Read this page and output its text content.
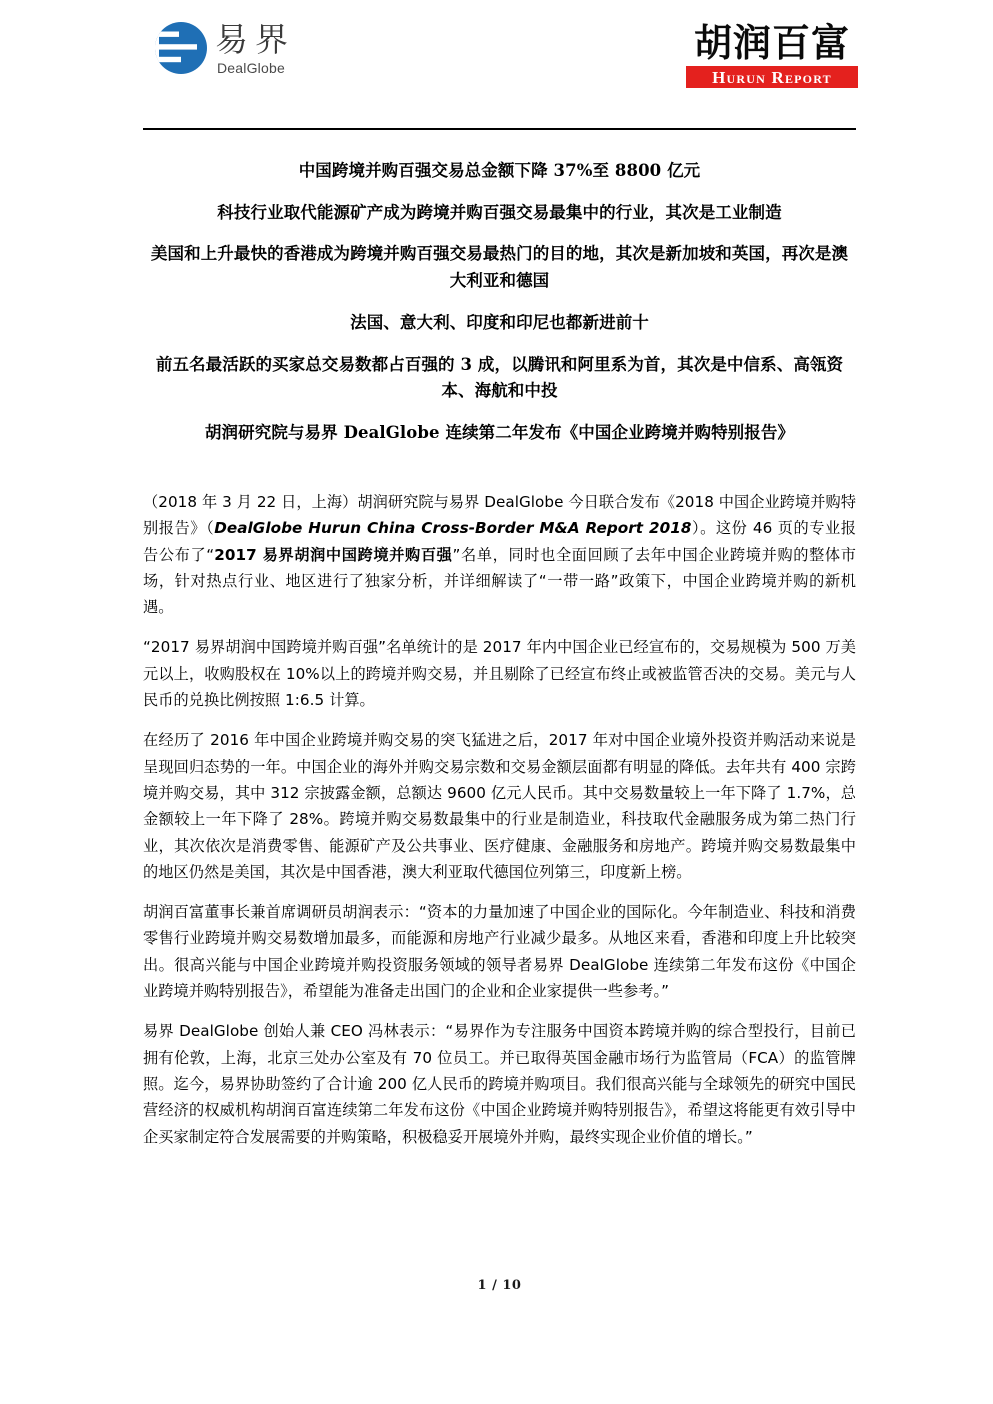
易界
DealGlobe
胡润百富
Hurun Report

中国跨境并购百强交易总金额下降 37%至 8800 亿元

科技行业取代能源矿产成为跨境并购百强交易最集中的行业，其次是工业制造

美国和上升最快的香港成为跨境并购百强交易最热门的目的地，其次是新加坡和英国，再次是澳大利亚和德国

法国、意大利、印度和印尼也都新进前十

前五名最活跃的买家总交易数都占百强的 3 成，以腾讯和阿里系为首，其次是中信系、高瓴资本、海航和中投

胡润研究院与易界 DealGlobe 连续第二年发布《中国企业跨境并购特别报告》

（2018 年 3 月 22 日，上海）胡润研究院与易界 DealGlobe 今日联合发布《2018 中国企业跨境并购特别报告》（DealGlobe Hurun China Cross-Border M&A Report 2018）。这份 46 页的专业报告公布了“2017 易界胡润中国跨境并购百强”名单，同时也全面回顾了去年中国企业跨境并购的整体市场，针对热点行业、地区进行了独家分析，并详细解读了“一带一路”政策下，中国企业跨境并购的新机遇。

“2017 易界胡润中国跨境并购百强”名单统计的是 2017 年内中国企业已经宣布的，交易规模为 500 万美元以上，收购股权在 10%以上的跨境并购交易，并且剔除了已经宣布终止或被监管否决的交易。美元与人民币的兑换比例按照 1:6.5 计算。

在经历了 2016 年中国企业跨境并购交易的突飞猛进之后，2017 年对中国企业境外投资并购活动来说是呈现回归态势的一年。中国企业的海外并购交易宗数和交易金额层面都有明显的降低。去年共有 400 宗跨境并购交易，其中 312 宗披露金额，总额达 9600 亿元人民币。其中交易数量较上一年下降了 1.7%，总金额较上一年下降了 28%。跨境并购交易数最集中的行业是制造业，科技取代金融服务成为第二热门行业，其次依次是消费零售、能源矿产及公共事业、医疗健康、金融服务和房地产。跨境并购交易数最集中的地区仍然是美国，其次是中国香港，澳大利亚取代德国位列第三，印度新上榜。

胡润百富董事长兼首席调研员胡润表示：“资本的力量加速了中国企业的国际化。今年制造业、科技和消费零售行业跨境并购交易数增加最多，而能源和房地产行业减少最多。从地区来看，香港和印度上升比较突出。很高兴能与中国企业跨境并购投资服务领域的领导者易界 DealGlobe 连续第二年发布这份《中国企业跨境并购特别报告》，希望能为准备走出国门的企业和企业家提供一些参考。”

易界 DealGlobe 创始人兼 CEO 冯林表示：“易界作为专注服务中国资本跨境并购的综合型投行，目前已拥有伦敦，上海，北京三处办公室及有 70 位员工。并已取得英国金融市场行为监管局（FCA）的监管牌照。迄今，易界协助签约了合计逾 200 亿人民币的跨境并购项目。我们很高兴能与全球领先的研究中国民营经济的权威机构胡润百富连续第二年发布这份《中国企业跨境并购特别报告》，希望这将能更有效引导中企买家制定符合发展需要的并购策略，积极稳妥开展境外并购，最终实现企业价值的增长。”

1 / 10
